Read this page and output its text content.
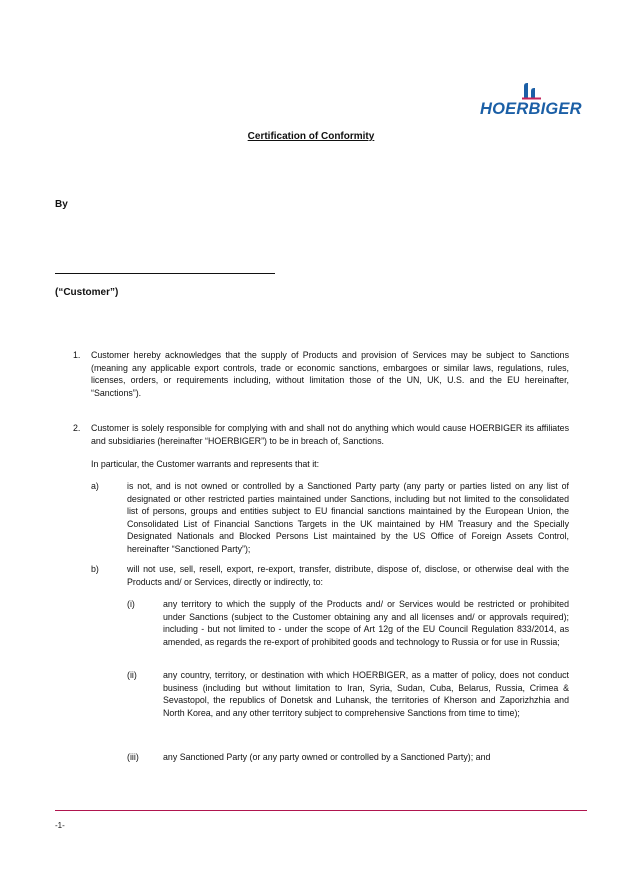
HOERBIGER
Certification of Conformity
By
(“Customer”)
1. Customer hereby acknowledges that the supply of Products and provision of Services may be subject to Sanctions (meaning any applicable export controls, trade or economic sanctions, embargoes or similar laws, regulations, rules, licenses, orders, or requirements including, without limitation those of the UN, UK, U.S. and the EU hereinafter, “Sanctions”).
2. Customer is solely responsible for complying with and shall not do anything which would cause HOERBIGER its affiliates and subsidiaries (hereinafter “HOERBIGER”) to be in breach of, Sanctions.
In particular, the Customer warrants and represents that it:
a)	is not, and is not owned or controlled by a Sanctioned Party party (any party or parties listed on any list of designated or other restricted parties maintained under Sanctions, including but not limited to the consolidated list of persons, groups and entities subject to EU financial sanctions maintained by the European Union, the Consolidated List of Financial Sanctions Targets in the UK maintained by HM Treasury and the Specially Designated Nationals and Blocked Persons List maintained by the US Office of Foreign Assets Control, hereinafter “Sanctioned Party”);
b)	will not use, sell, resell, export, re-export, transfer, distribute, dispose of, disclose, or otherwise deal with the Products and/ or Services, directly or indirectly, to:
(i)	any territory to which the supply of the Products and/ or Services would be restricted or prohibited under Sanctions (subject to the Customer obtaining any and all licenses and/ or approvals required); including - but not limited to - under the scope of Art 12g of the EU Council Regulation 833/2014, as amended, as regards the re-export of prohibited goods and technology to Russia or for use in Russia;
(ii)	any country, territory, or destination with which HOERBIGER, as a matter of policy, does not conduct business (including but without limitation to Iran, Syria, Sudan, Cuba, Belarus, Russia, Crimea & Sevastopol, the republics of Donetsk and Luhansk, the territories of Kherson and Zaporizhzhia and North Korea, and any other territory subject to comprehensive Sanctions from time to time);
(iii)	any Sanctioned Party (or any party owned or controlled by a Sanctioned Party); and
-1-
